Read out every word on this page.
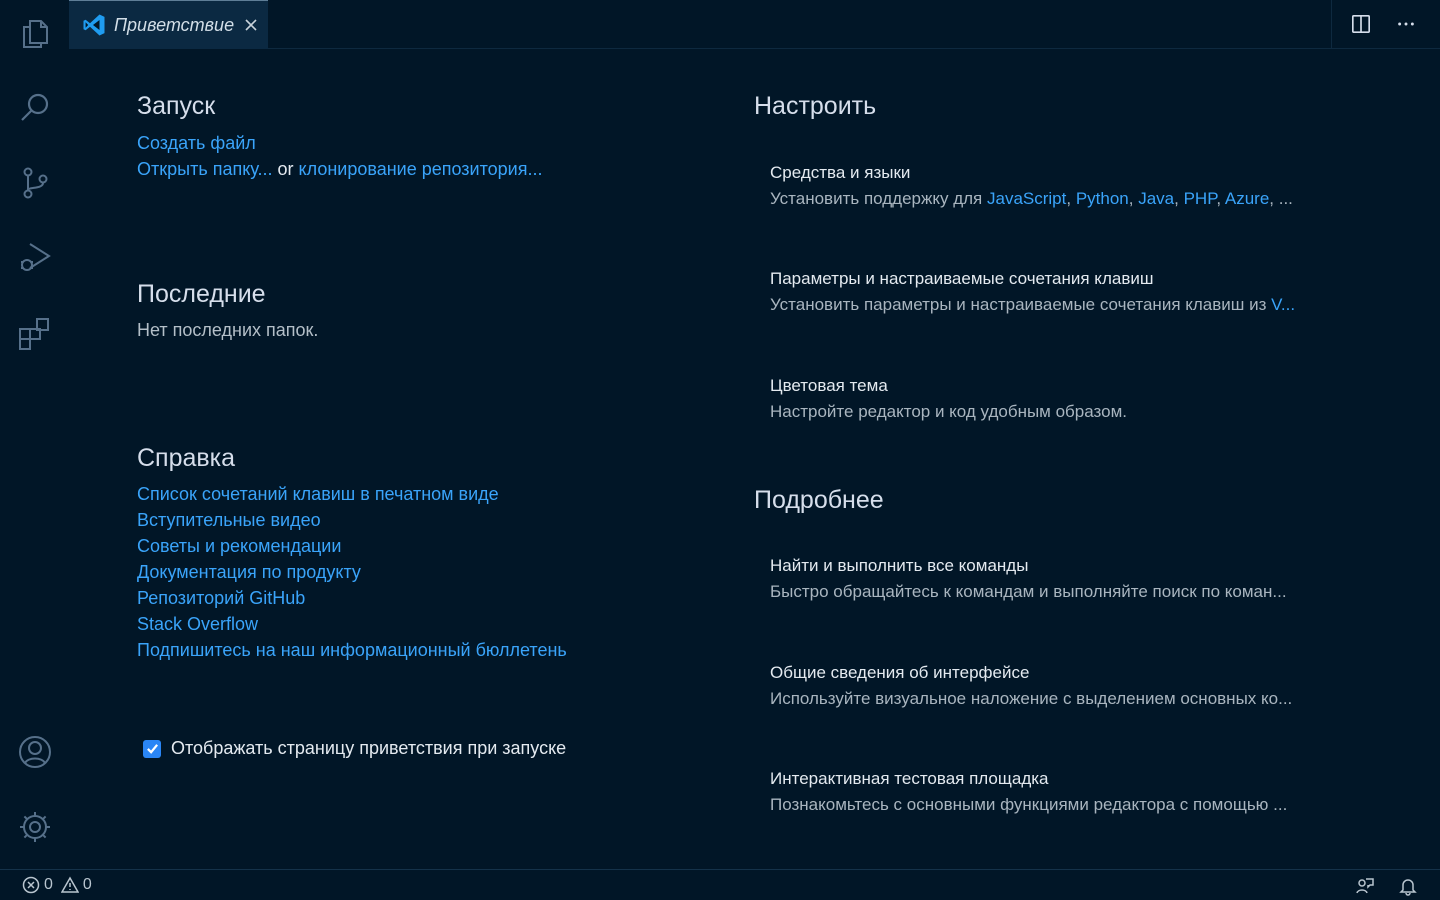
Приветствие
Запуск
Создать файл
Открыть папку... or клонирование репозитория...
Последние
Нет последних папок.
Справка
Список сочетаний клавиш в печатном виде
Вступительные видео
Советы и рекомендации
Документация по продукту
Репозиторий GitHub
Stack Overflow
Подпишитесь на наш информационный бюллетень
Отображать страницу приветствия при запуске
Настроить
Средства и языки
Установить поддержку для JavaScript, Python, Java, PHP, Azure, ...
Параметры и настраиваемые сочетания клавиш
Установить параметры и настраиваемые сочетания клавиш из V...
Цветовая тема
Настройте редактор и код удобным образом.
Подробнее
Найти и выполнить все команды
Быстро обращайтесь к командам и выполняйте поиск по коман...
Общие сведения об интерфейсе
Используйте визуальное наложение с выделением основных ко...
Интерактивная тестовая площадка
Познакомьтесь с основными функциями редактора с помощью ...
0 0
